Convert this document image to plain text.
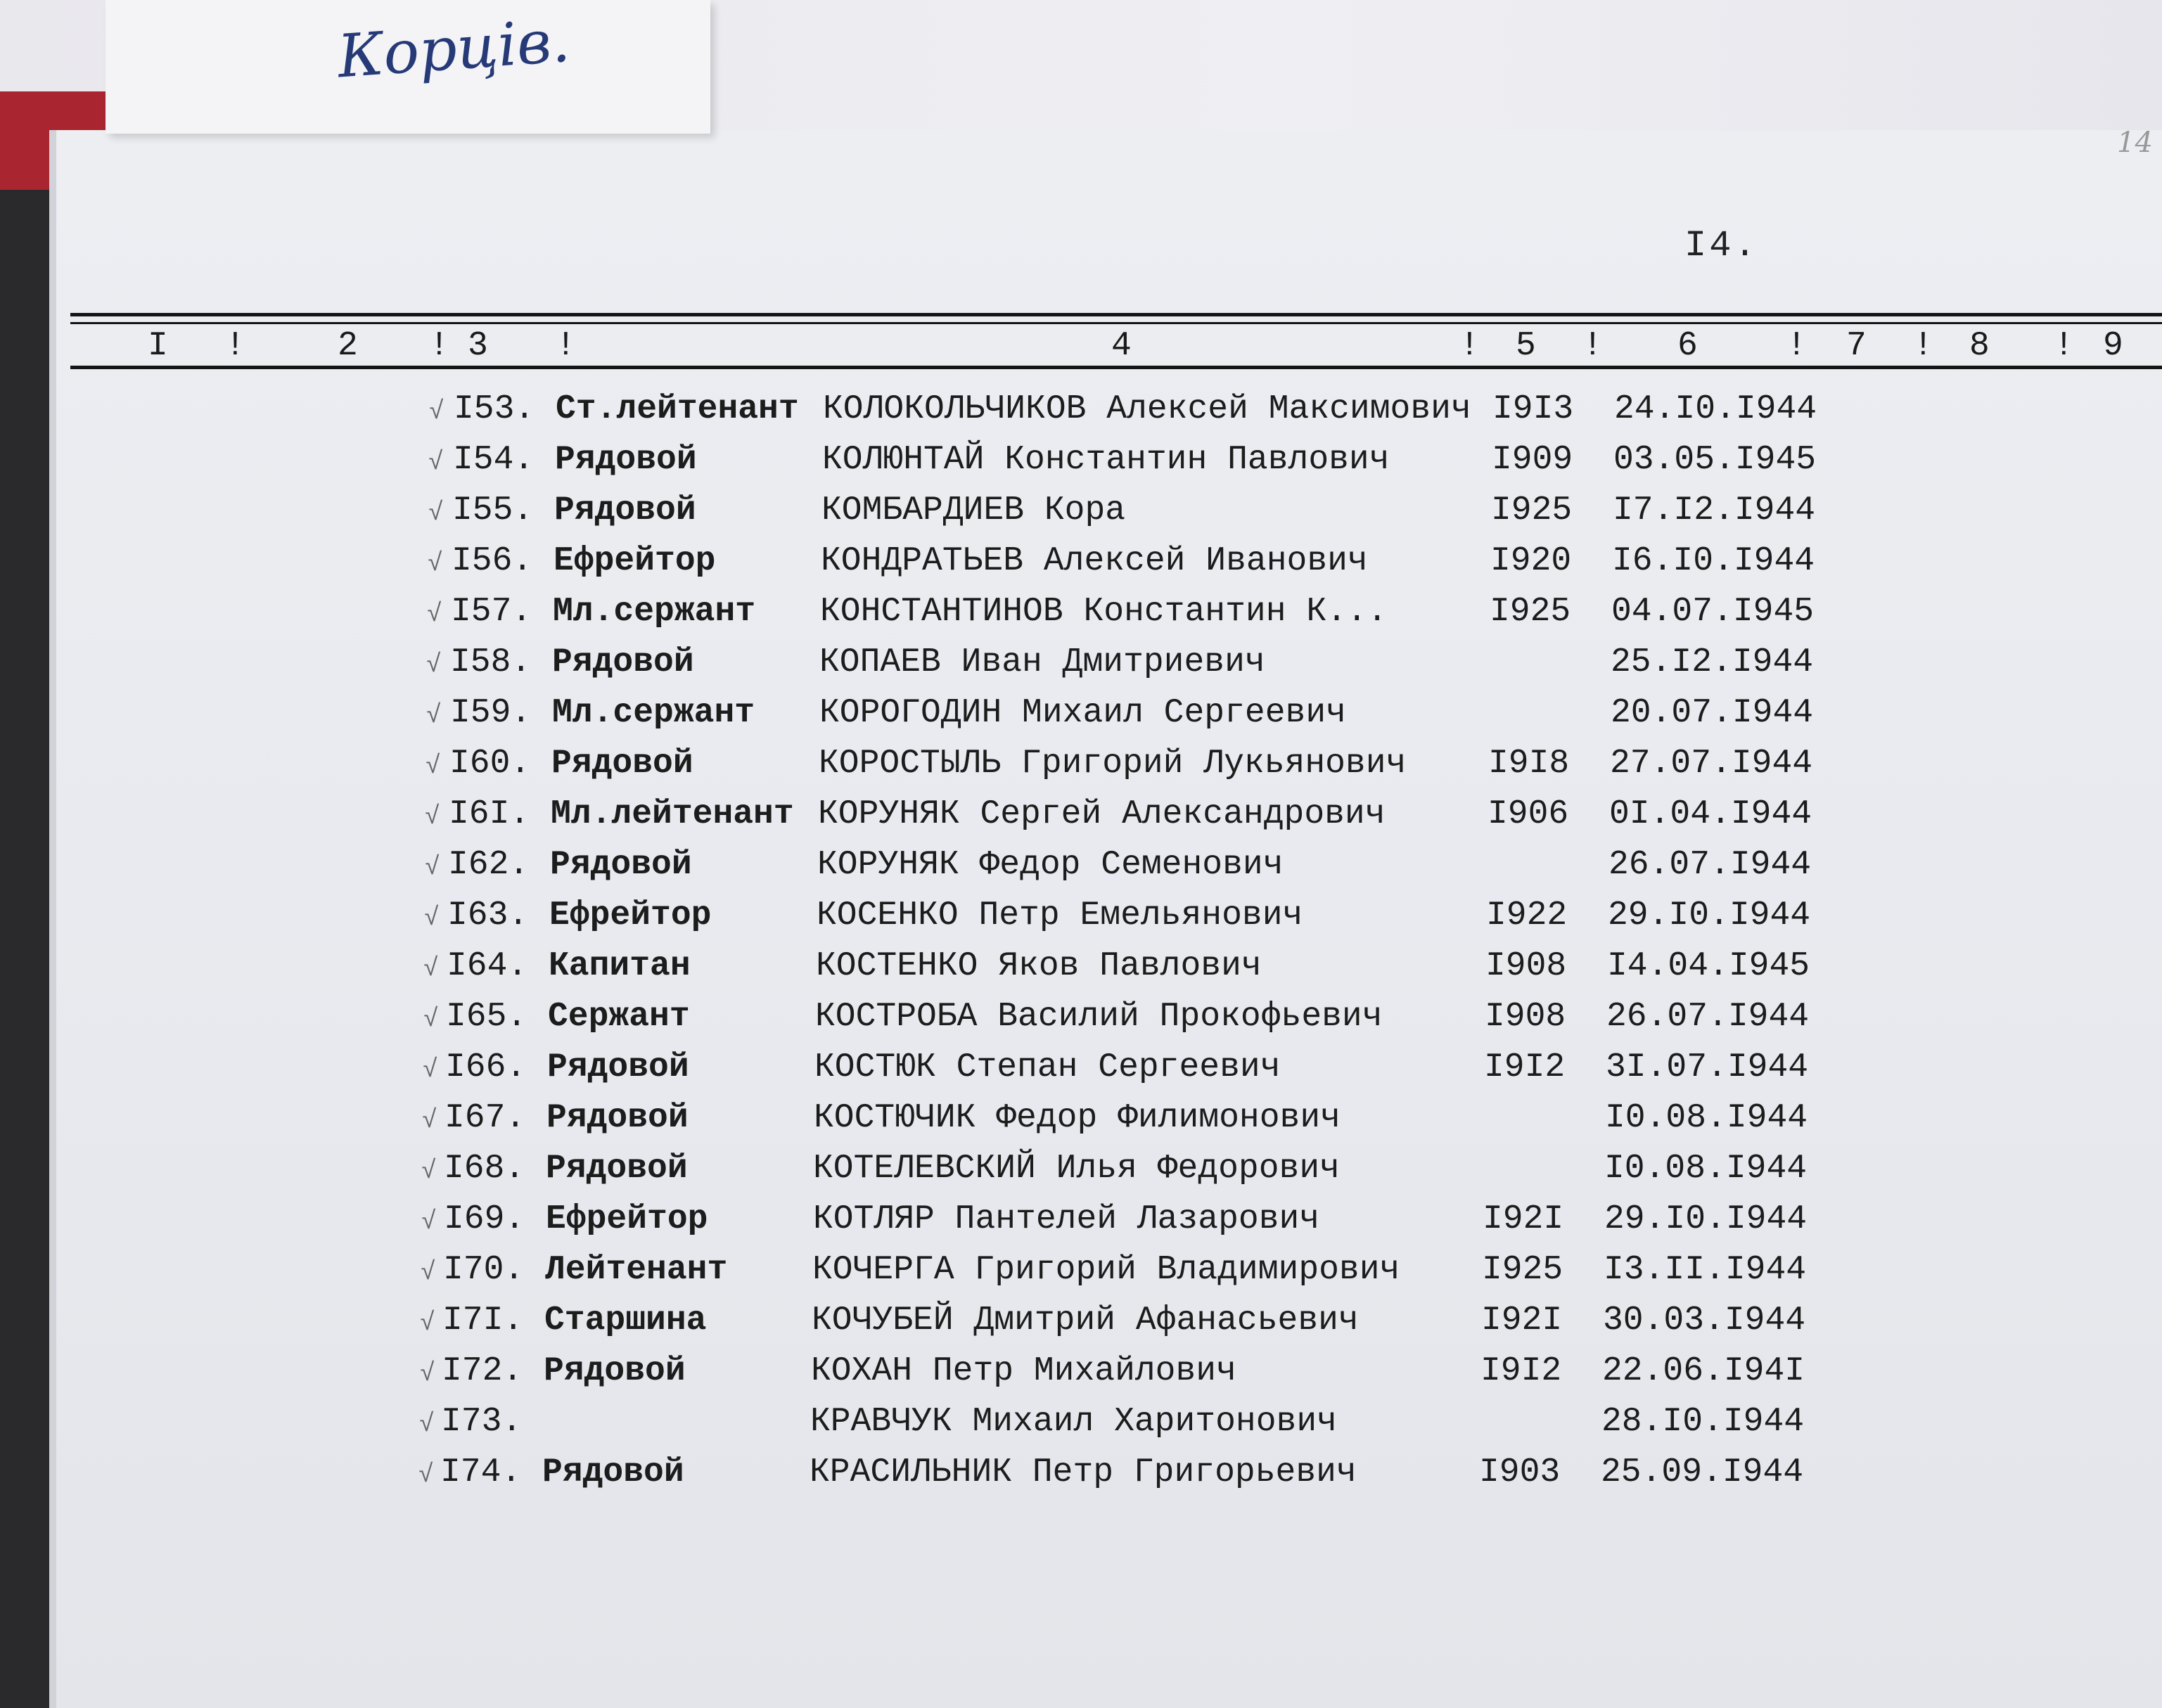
Корців.
14
I4.
I !	2 ! 3 !	4	! 5 ! 6	! 7 ! 8 ! 9
√ I53. Ст.лейтенант КОЛОКОЛЬЧИКОВ Алексей Максимович I9I3 24.I0.I944
√ I54. Рядовой	КОЛЮНТАЙ Константин Павлович	I909 03.05.I945
√ I55. Рядовой	КОМБАРДИЕВ Кора	I925 I7.I2.I944
√ I56. Ефрейтор	КОНДРАТЬЕВ Алексей Иванович	I920 I6.I0.I944
√ I57. Мл.сержант КОНСТАНТИНОВ Константин К...	I925 04.07.I945
√ I58. Рядовой	КОПАЕВ Иван Дмитриевич	25.I2.I944
√ I59. Мл.сержант КОРОГОДИН Михаил Сергеевич	20.07.I944
√ I60. Рядовой	КОРОСТЫЛЬ Григорий Лукьянович I9I8 27.07.I944
√ I6I. Мл.лейтенант КОРУНЯК Сергей Александрович	I906 0I.04.I944
√ I62. Рядовой	КОРУНЯК Федор Семенович	26.07.I944
√ I63. Ефрейтор	КОСЕНКО Петр Емельянович	I922 29.I0.I944
√ I64. Капитан	КОСТЕНКО Яков Павлович	I908 I4.04.I945
√ I65. Сержант	КОСТРОБА Василий Прокофьевич	I908 26.07.I944
√ I66. Рядовой	КОСТЮК Степан Сергеевич	I9I2 3I.07.I944
√ I67. Рядовой	КОСТЮЧИК Федор Филимонович	I0.08.I944
√ I68. Рядовой	КОТЕЛЕВСКИЙ Илья Федорович	I0.08.I944
√ I69. Ефрейтор	КОТЛЯР Пантелей Лазарович	I92I 29.I0.I944
√ I70. Лейтенант	КОЧЕРГА Григорий Владимирович I925 I3.II.I944
√ I7I. Старшина	КОЧУБЕЙ Дмитрий Афанасьевич	I92I 30.03.I944
√ I72. Рядовой	КОХАН Петр Михайлович	I9I2 22.06.I94I
√ I73.	КРАВЧУК Михаил Харитонович	28.I0.I944
√ I74. Рядовой	КРАСИЛЬНИК Петр Григорьевич	I903 25.09.I944
